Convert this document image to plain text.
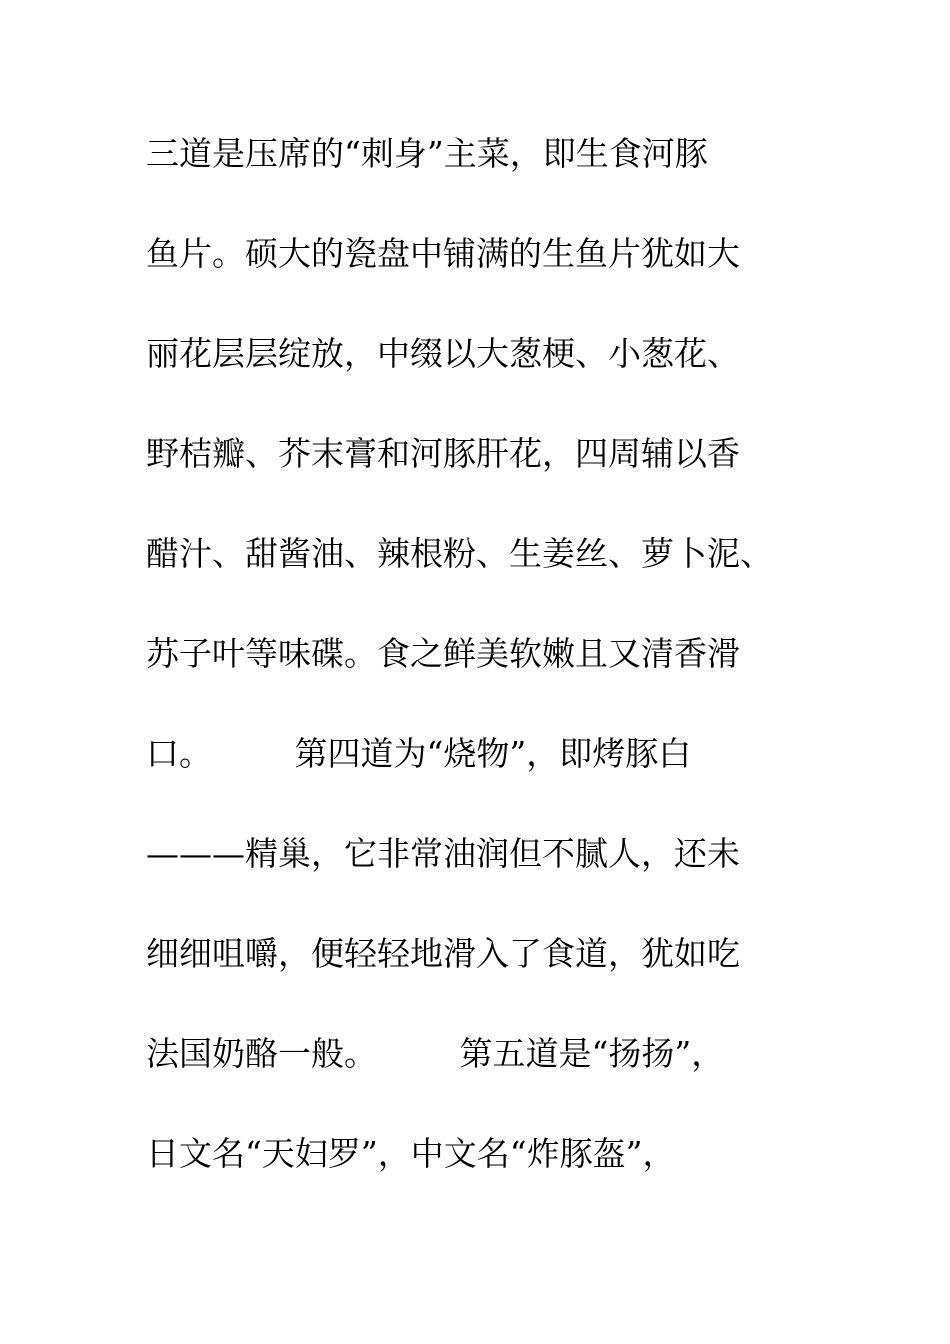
三道是压席的“刺身”主菜，即生食河豚
鱼片。硕大的瓷盘中铺满的生鱼片犹如大
丽花层层绽放，中缀以大葱梗、小葱花、
野桔瓣、芥末膏和河豚肝花，四周辅以香
醋汁、甜酱油、辣根粉、生姜丝、萝卜泥、
苏子叶等味碟。食之鲜美软嫩且又清香滑
口。　　　第四道为“烧物”，即烤豚白
———精巢，它非常油润但不腻人，还未
细细咀嚼，便轻轻地滑入了食道，犹如吃
法国奶酪一般。　　　第五道是“扬扬”，
日文名“天妇罗”，中文名“炸豚盔”，
